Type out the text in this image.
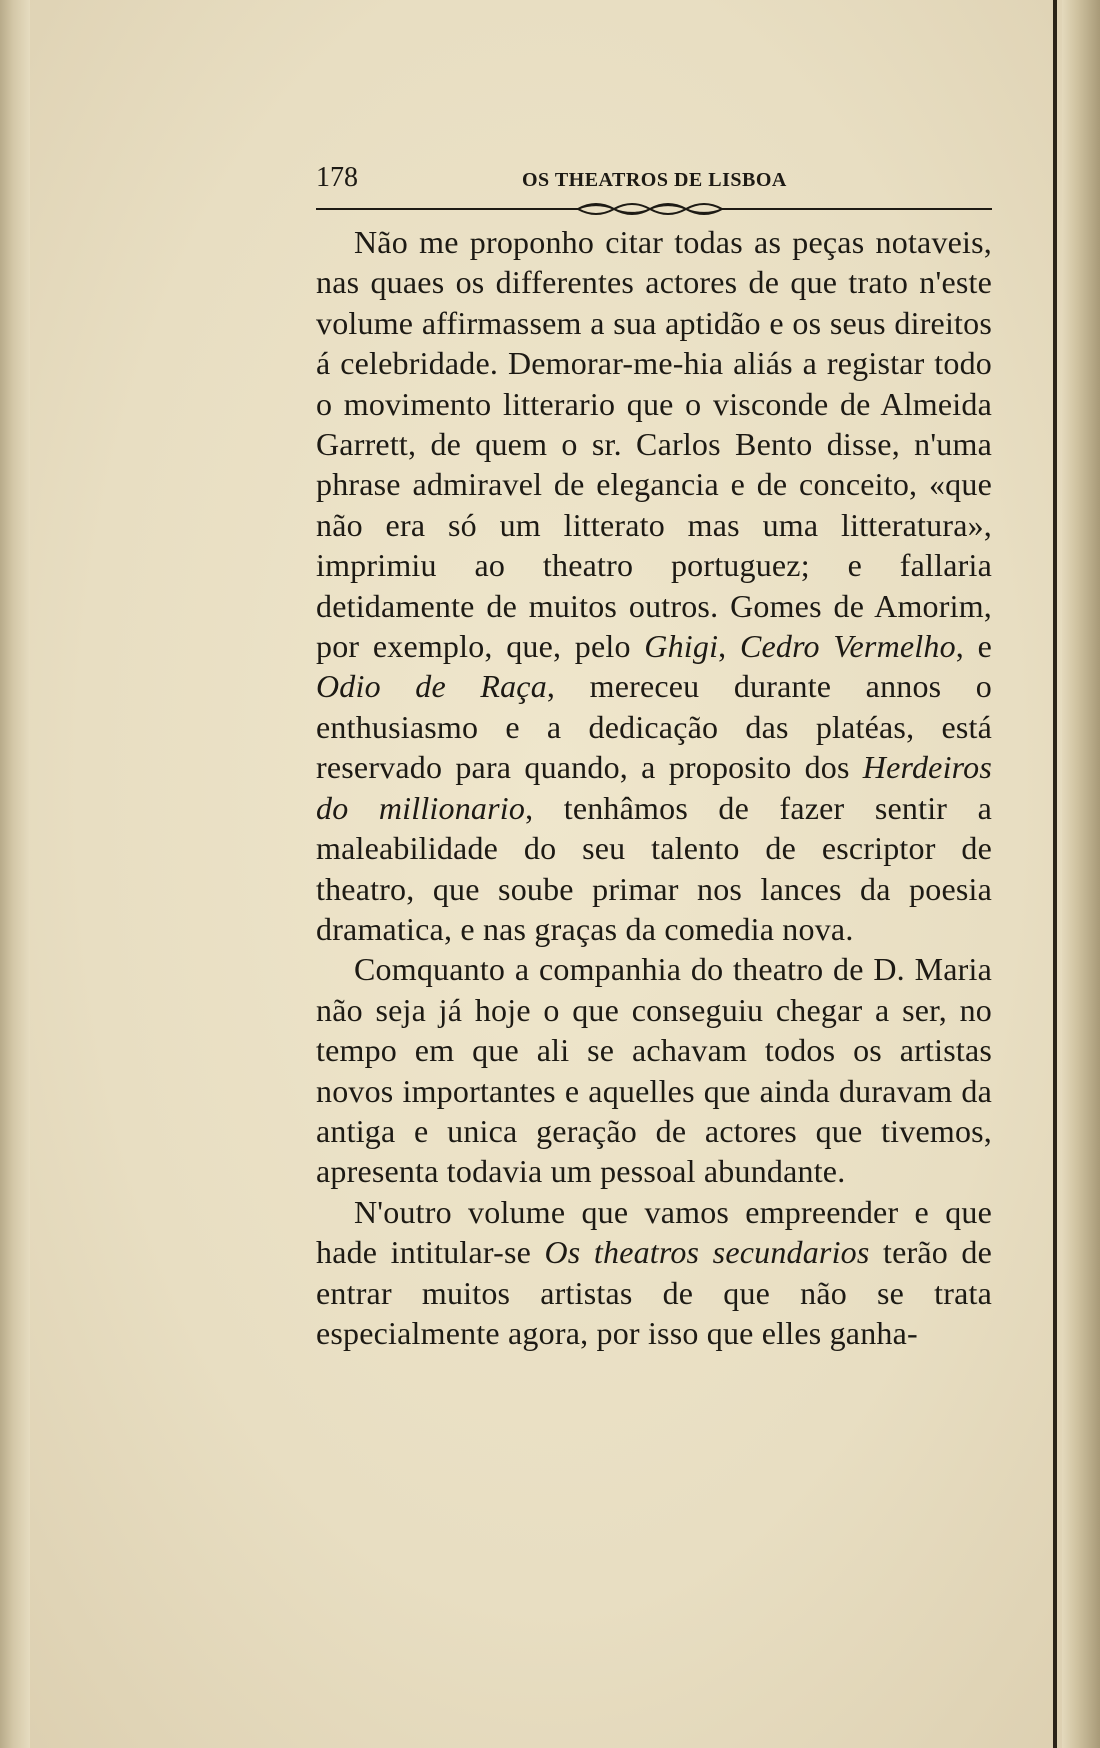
178	OS THEATROS DE LISBOA

Não me proponho citar todas as peças notaveis, nas quaes os differentes actores de que trato n'este volume affirmassem a sua aptidão e os seus direitos á celebridade. Demorar-me-hia aliás a registar todo o movimento litterario que o visconde de Almeida Garrett, de quem o sr. Carlos Bento disse, n'uma phrase admiravel de elegancia e de conceito, «que não era só um litterato mas uma litteratura», imprimiu ao theatro portuguez; e fallaria detidamente de muitos outros. Gomes de Amorim, por exemplo, que, pelo Ghigi, Cedro Vermelho, e Odio de Raça, mereceu durante annos o enthusiasmo e a dedicação das platéas, está reservado para quando, a proposito dos Herdeiros do millionario, tenhâmos de fazer sentir a maleabilidade do seu talento de escriptor de theatro, que soube primar nos lances da poesia dramatica, e nas graças da comedia nova.

Comquanto a companhia do theatro de D. Maria não seja já hoje o que conseguiu chegar a ser, no tempo em que ali se achavam todos os artistas novos importantes e aquelles que ainda duravam da antiga e unica geração de actores que tivemos, apresenta todavia um pessoal abundante.

N'outro volume que vamos empreender e que hade intitular-se Os theatros secundarios terão de entrar muitos artistas de que não se trata especialmente agora, por isso que elles ganha-
